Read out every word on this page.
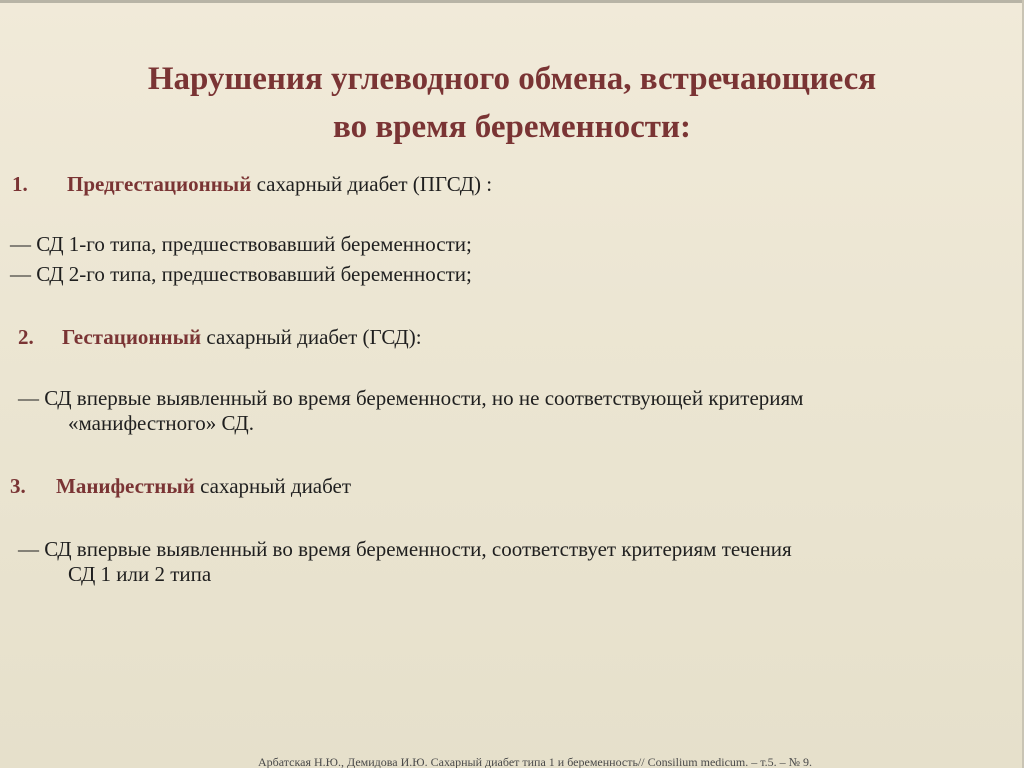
Нарушения углеводного обмена, встречающиеся
во время беременности:
1. Предгестационный сахарный диабет (ПГСД) :
— СД 1-го типа, предшествовавший беременности;
— СД 2-го типа, предшествовавший беременности;
2. Гестационный сахарный диабет (ГСД):
— СД впервые выявленный во время беременности, но не соответствующей критериям
«манифестного» СД.
3. Манифестный сахарный диабет
— СД впервые выявленный во время беременности, соответствует критериям течения
СД 1 или 2 типа
Арбатская Н.Ю., Демидова И.Ю. Сахарный диабет типа 1 и беременность// Consilium medicum. – т.5. – № 9.
